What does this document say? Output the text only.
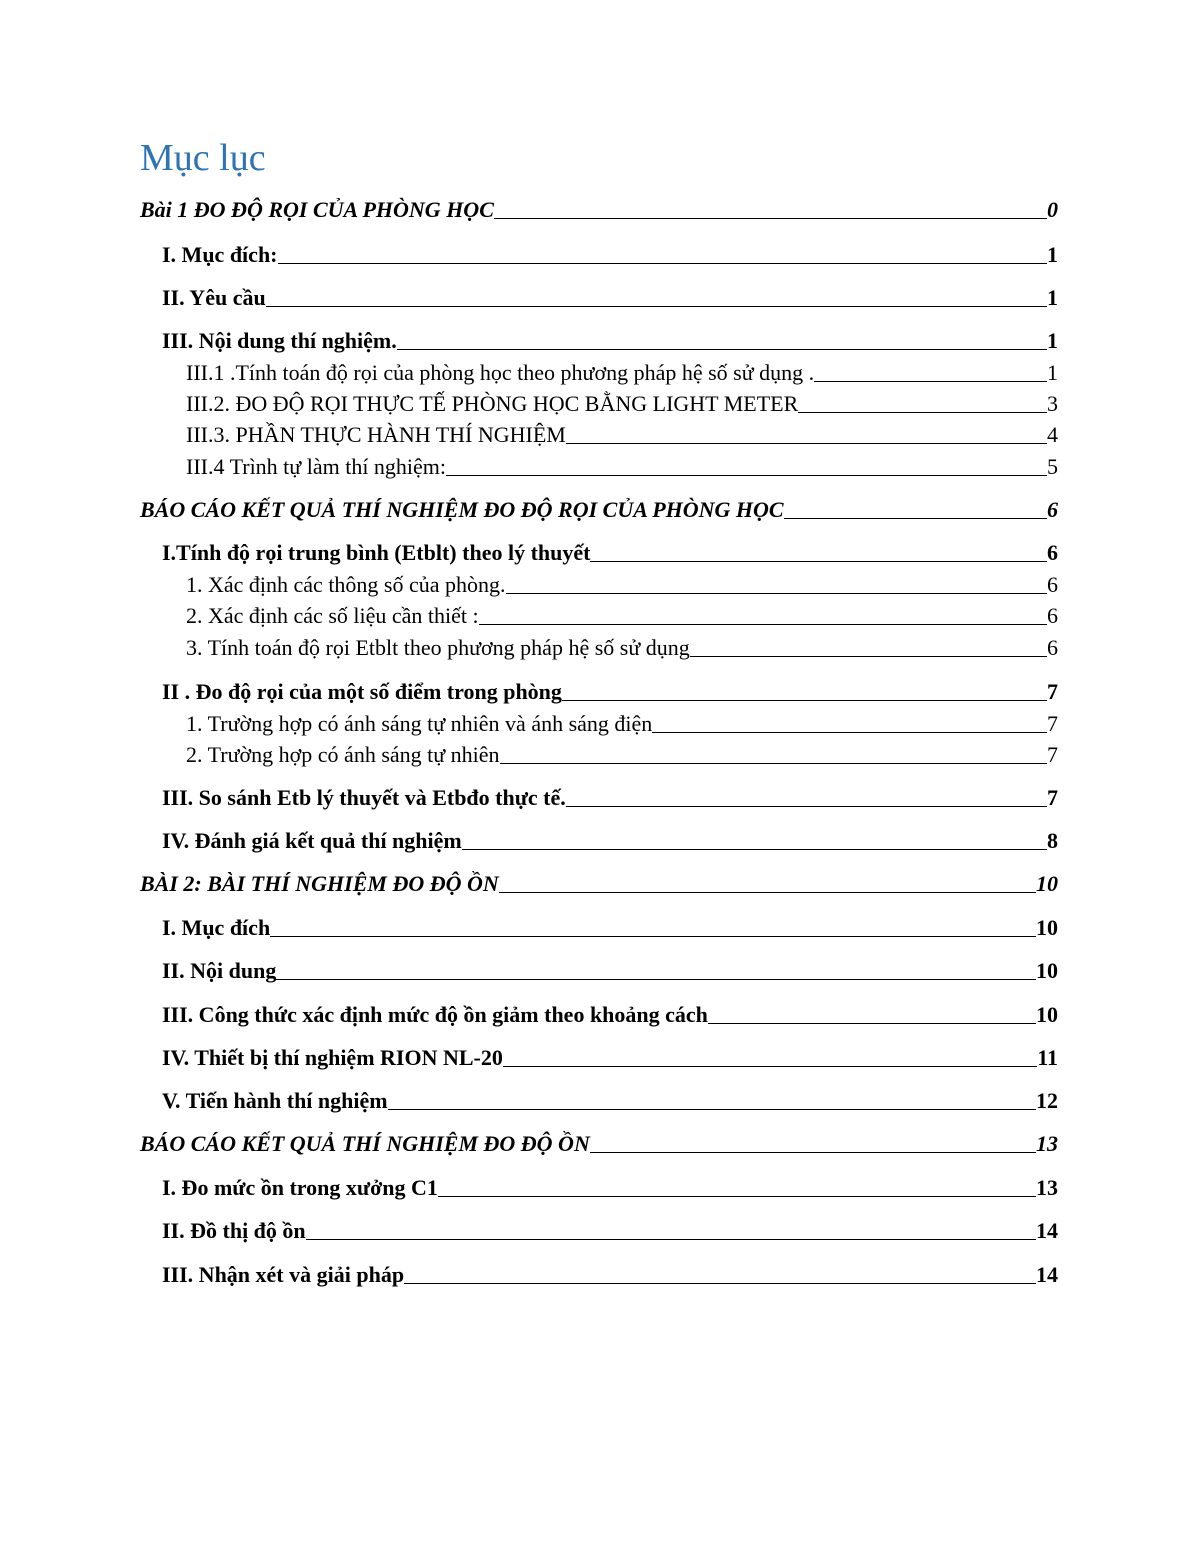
Mục lục
Bài 1 ĐO ĐỘ RỌI CỦA PHÒNG HỌC	0
I. Mục đích:	1
II. Yêu cầu	1
III. Nội dung thí nghiệm.	1
III.1 .Tính toán độ rọi của phòng học theo phương pháp hệ số sử dụng .	1
III.2. ĐO ĐỘ RỌI THỰC TẾ PHÒNG HỌC BẰNG LIGHT METER	3
III.3. PHẦN THỰC HÀNH THÍ NGHIỆM	4
III.4 Trình tự làm thí nghiệm:	5
BÁO CÁO KẾT QUẢ THÍ NGHIỆM ĐO ĐỘ RỌI CỦA PHÒNG HỌC	6
I.Tính độ rọi trung bình (Etblt) theo lý thuyết	6
1. Xác định các thông số của phòng.	6
2. Xác định các số liệu cần thiết :	6
3. Tính toán độ rọi Etblt theo phương pháp hệ số sử dụng	6
II . Đo độ rọi của một số điểm trong phòng	7
1. Trường hợp có ánh sáng tự nhiên và ánh sáng điện	7
2. Trường hợp có ánh sáng tự nhiên	7
III. So sánh Etb lý thuyết và Etbđo thực tế.	7
IV. Đánh giá kết quả thí nghiệm	8
BÀI 2: BÀI THÍ NGHIỆM ĐO ĐỘ ỒN	10
I. Mục đích	10
II. Nội dung	10
III. Công thức xác định mức độ ồn giảm theo khoảng cách	10
IV. Thiết bị thí nghiệm RION NL-20	11
V. Tiến hành thí nghiệm	12
BÁO CÁO KẾT QUẢ THÍ NGHIỆM ĐO ĐỘ ỒN	13
I. Đo mức ồn trong xưởng C1	13
II. Đồ thị độ ồn	14
III. Nhận xét và giải pháp	14
